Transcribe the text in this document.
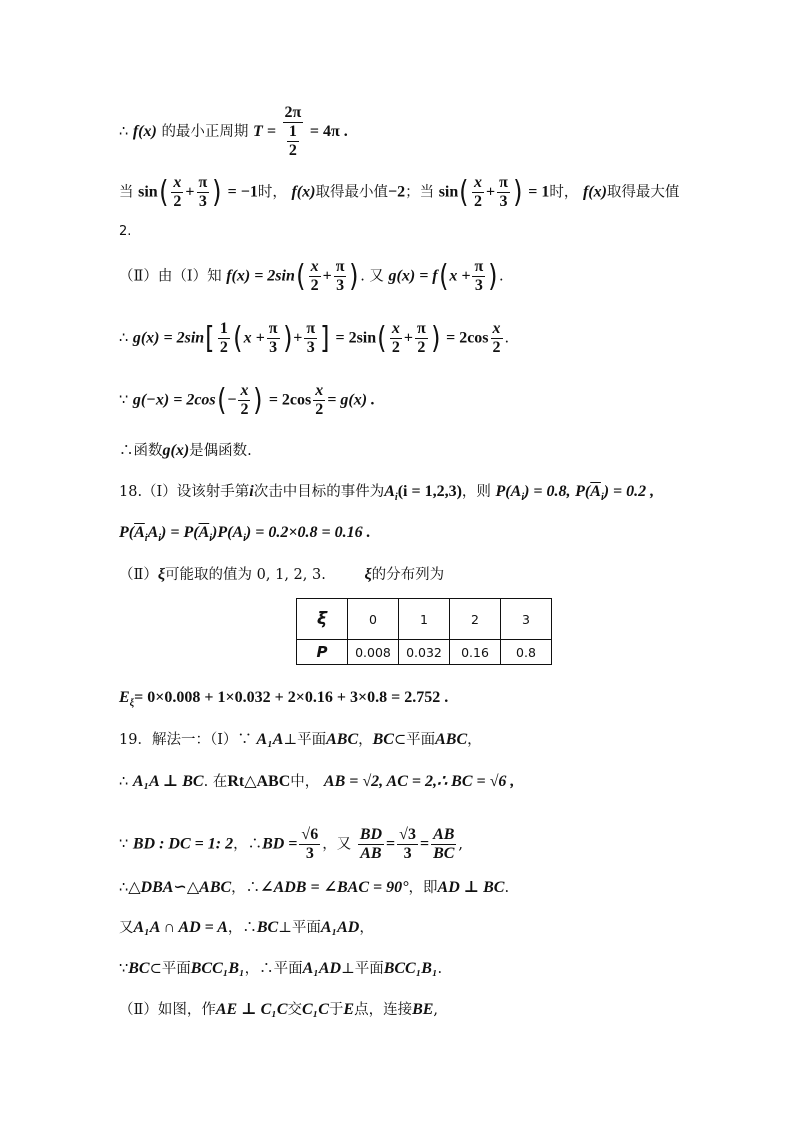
∴ f(x) 的最小正周期 $T = \frac{2\pi}{\frac{1}{2}} = 4\pi$ .
当 $\sin( \frac{x}{2} + \frac{\pi}{3}$ ) = −1时， f(x)取得最小值−2；当 $\sin( \frac{x}{2} + \frac{\pi}{3}$ ) = 1时， f(x)取得最大值
2.
（Ⅱ）由（Ⅰ）知 $f(x) = 2\sin( \frac{x}{2} + \frac{\pi}{3}$ ). 又 $g(x) = f(x + \frac{\pi}{3}$ ).
∴ $g(x) = 2\sin[ \frac{1}{2} (x + \frac{\pi}{3}$ )+ $\frac{\pi}{3}$ ] = $2\sin( \frac{x}{2} + \frac{\pi}{2}$ ) = $2\cos \frac{x}{2}$ .
∵ $g(-x) = 2\cos(- \frac{x}{2}$ ) = $2\cos \frac{x}{2} = g(x)$ .
∴函数g(x)是偶函数.
18.（Ⅰ）设该射手第i次击中目标的事件为$A_i(i = 1,2,3)$，则 $P(A_i) = 0.8$, $P(\overline{A}_i) = 0.2$ ,
$P(\overline{A}_iA_i) = P(\overline{A}_i)P(A_i) = 0.2\times 0.8 = 0.16$ .
（Ⅱ）ξ可能取的值为 0, 1, 2, 3. ξ的分布列为
ξ	0	1	2	3
P	0.008	0.032	0.16	0.8
$E_\xi= 0\times 0.008 + 1\times 0.032 + 2\times 0.16 + 3\times 0.8 = 2.752$ .
19．解法一：（Ⅰ）∵ A₁A⊥平面ABC，BC⊂平面ABC，
∴ A₁A ⊥ BC. 在Rt△ABC中， AB = √2, AC = 2,∴ BC = √6 ,
∵ BD : DC = 1: 2，∴BD = $\frac{√6}{3}$ ，又 $\frac{BD}{AB} = \frac{√3}{3} = \frac{AB}{BC}$ ,
∴△DBA∽△ABC，∴∠ADB = ∠BAC = 90°，即AD ⊥ BC.
又A₁A ∩ AD = A，∴BC⊥平面A₁AD，
∵BC⊂平面BCC₁B₁，∴平面A₁AD⊥平面BCC₁B₁.
（Ⅱ）如图，作AE ⊥ C₁C交C₁C于E点，连接BE,
